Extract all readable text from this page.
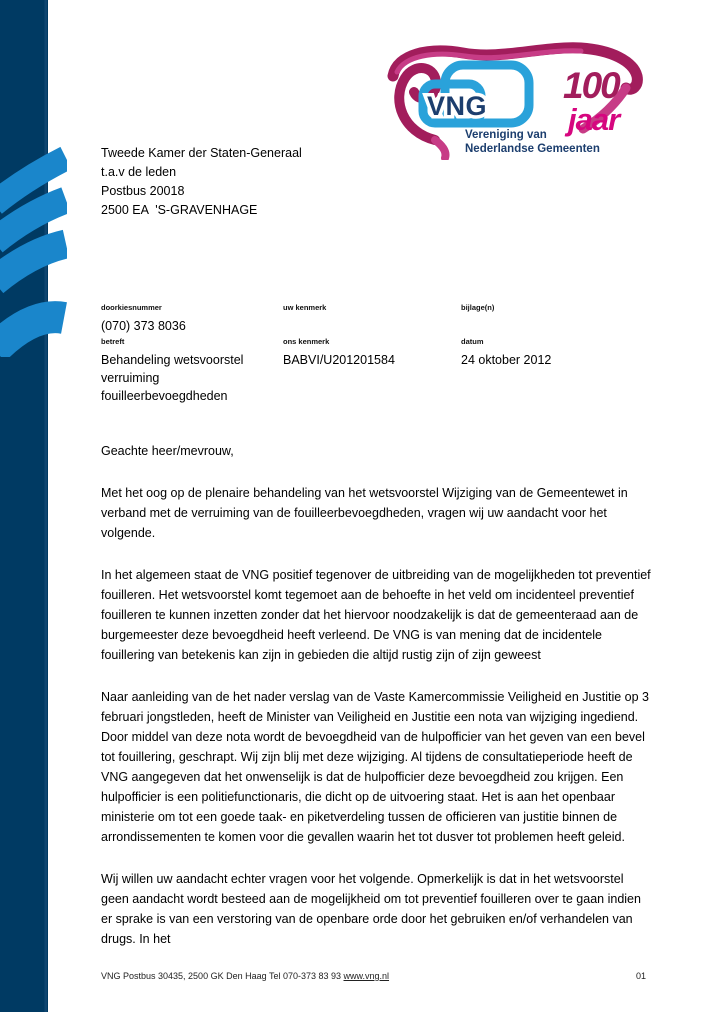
VNG 100
jaar
Vereniging van
Nederlandse Gemeenten
Tweede Kamer der Staten-Generaal
t.a.v de leden
Postbus 20018
2500 EA  'S-GRAVENHAGE
doorkiesnummer
(070) 373 8036
uw kenmerk	bijlage(n)
betreft
Behandeling wetsvoorstel verruiming fouilleerbevoegdheden
ons kenmerk
BABVI/U201201584
datum
24 oktober 2012
Geachte heer/mevrouw,

Met het oog op de plenaire behandeling van het wetsvoorstel Wijziging van de Gemeentewet in verband met de verruiming van de fouilleerbevoegdheden, vragen wij uw aandacht voor het volgende.

In het algemeen staat de VNG positief tegenover de uitbreiding van de mogelijkheden tot preventief fouilleren. Het wetsvoorstel komt tegemoet aan de behoefte in het veld om incidenteel preventief fouilleren te kunnen inzetten zonder dat het hiervoor noodzakelijk is dat de gemeenteraad aan de burgemeester deze bevoegdheid heeft verleend. De VNG is van mening dat de incidentele fouillering van betekenis kan zijn in gebieden die altijd rustig zijn of zijn geweest

Naar aanleiding van de het nader verslag van de Vaste Kamercommissie Veiligheid en Justitie op 3 februari jongstleden, heeft de Minister van Veiligheid en Justitie een nota van wijziging ingediend. Door middel van deze nota wordt de bevoegdheid van de hulpofficier van het geven van een bevel tot fouillering, geschrapt. Wij zijn blij met deze wijziging. Al tijdens de consultatieperiode heeft de VNG aangegeven dat het onwenselijk is dat de hulpofficier deze bevoegdheid zou krijgen. Een hulpofficier is een politiefunctionaris, die dicht op de uitvoering staat. Het is aan het openbaar ministerie om tot een goede taak- en piketverdeling tussen de officieren van justitie binnen de arrondissementen te komen voor die gevallen waarin het tot dusver tot problemen heeft geleid.

Wij willen uw aandacht echter vragen voor het volgende. Opmerkelijk is dat in het wetsvoorstel geen aandacht wordt besteed aan de mogelijkheid om tot preventief fouilleren over te gaan indien er sprake is van een verstoring van de openbare orde door het gebruiken en/of verhandelen van drugs. In het

VNG Postbus 30435, 2500 GK Den Haag Tel 070-373 83 93 www.vng.nl	01
